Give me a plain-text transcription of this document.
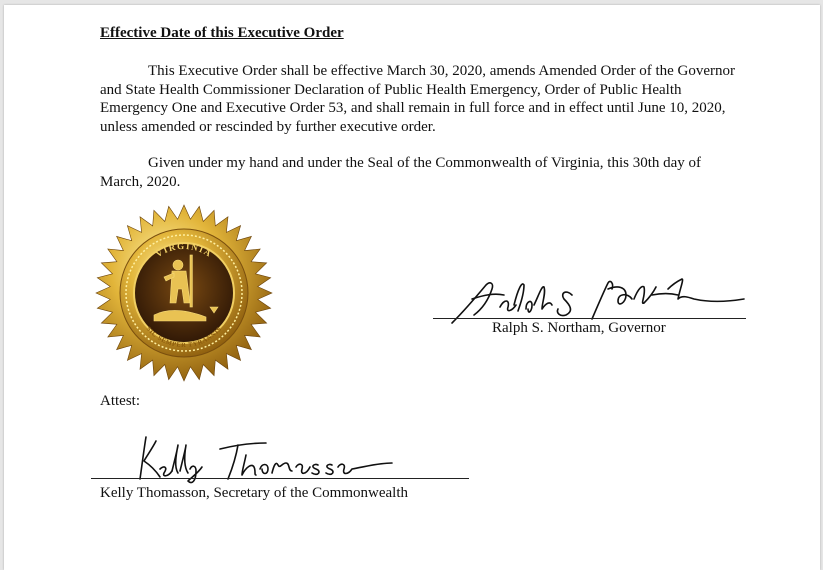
Effective Date of this Executive Order
This Executive Order shall be effective March 30, 2020, amends Amended Order of the Governor and State Health Commissioner Declaration of Public Health Emergency, Order of Public Health Emergency One and Executive Order 53, and shall remain in full force and in effect until June 10, 2020, unless amended or rescinded by further executive order.
Given under my hand and under the Seal of the Commonwealth of Virginia, this 30th day of March, 2020.
VIRGINIA
SIC SEMPER TYRANNIS	Ralph S. Northam, Governor
Attest:
Kelly Thomasson, Secretary of the Commonwealth
